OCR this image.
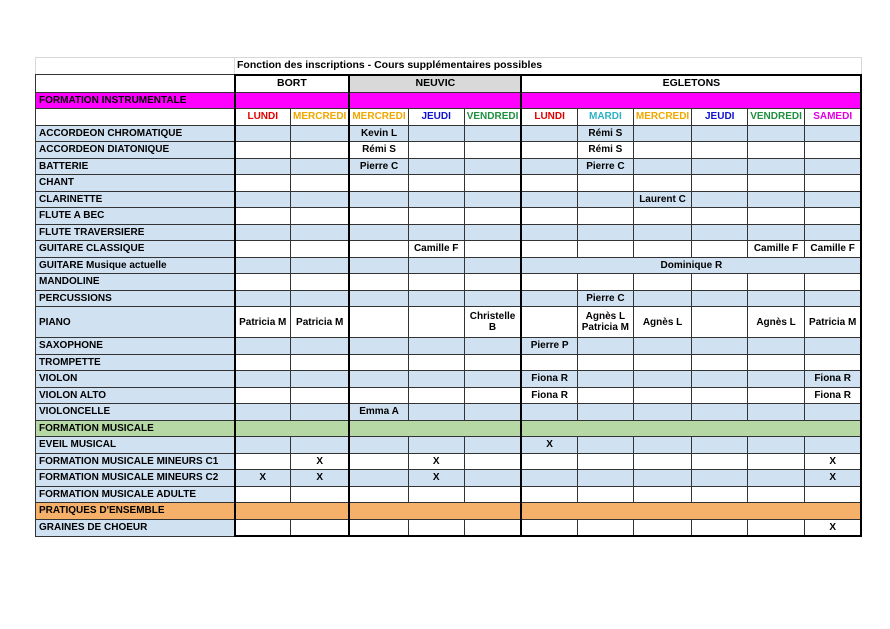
	Fonction des inscriptions - Cours supplémentaires possibles										
	BORT		NEUVIC			EGLETONS					
FORMATION INSTRUMENTALE											
	LUNDI	MERCREDI	MERCREDI	JEUDI	VENDREDI	LUNDI	MARDI	MERCREDI	JEUDI	VENDREDI	SAMEDI
ACCORDEON CHROMATIQUE			Kevin L				Rémi S				
ACCORDEON DIATONIQUE			Rémi S				Rémi S				
BATTERIE			Pierre C				Pierre C				
CHANT											
CLARINETTE								Laurent C			
FLUTE A BEC											
FLUTE TRAVERSIERE											
GUITARE CLASSIQUE				Camille F						Camille F	Camille F
GUITARE Musique actuelle						Dominique R					
MANDOLINE											
PERCUSSIONS							Pierre C				
PIANO	Patricia M	Patricia M			Christelle B		Agnès L Patricia M	Agnès L		Agnès L	Patricia M
SAXOPHONE						Pierre P					
TROMPETTE											
VIOLON						Fiona R					Fiona R
VIOLON ALTO						Fiona R					Fiona R
VIOLONCELLE			Emma A								
FORMATION MUSICALE											
EVEIL MUSICAL						X					
FORMATION MUSICALE MINEURS C1		X		X							X
FORMATION MUSICALE MINEURS C2	X	X		X							X
FORMATION MUSICALE ADULTE											
PRATIQUES D'ENSEMBLE											
GRAINES DE CHOEUR											X
